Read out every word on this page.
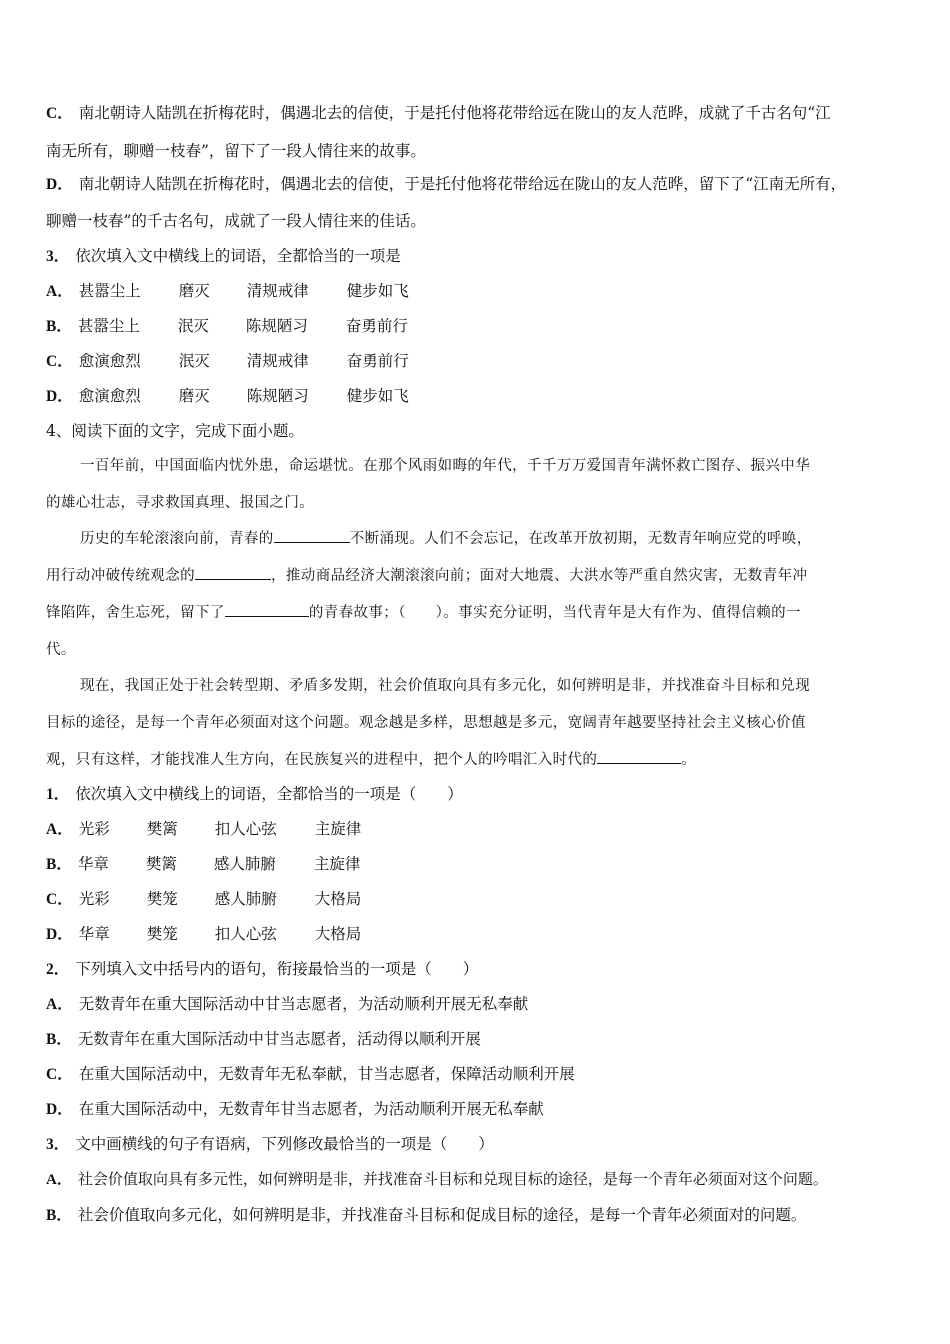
C． 南北朝诗人陆凯在折梅花时，偶遇北去的信使，于是托付他将花带给远在陇山的友人范晔，成就了千古名句“江
南无所有，聊赠一枝春”，留下了一段人情往来的故事。
D． 南北朝诗人陆凯在折梅花时，偶遇北去的信使，于是托付他将花带给远在陇山的友人范晔，留下了“江南无所有，
聊赠一枝春”的千古名句，成就了一段人情往来的佳话。
3． 依次填入文中横线上的词语，全都恰当的一项是
A． 甚嚣尘上 磨灭 清规戒律 健步如飞
B． 甚嚣尘上 泯灭 陈规陋习 奋勇前行
C． 愈演愈烈 泯灭 清规戒律 奋勇前行
D． 愈演愈烈 磨灭 陈规陋习 健步如飞
4、阅读下面的文字，完成下面小题。
一百年前，中国面临内忧外患，命运堪忧。在那个风雨如晦的年代，千千万万爱国青年满怀救亡图存、振兴中华
的雄心壮志，寻求救国真理、报国之门。
历史的车轮滚滚向前，青春的	不断涌现。人们不会忘记，在改革开放初期，无数青年响应党的呼唤，
用行动冲破传统观念的	，推动商品经济大潮滚滚向前；面对大地震、大洪水等严重自然灾害，无数青年冲
锋陷阵，舍生忘死，留下了	的青春故事；（　　）。事实充分证明，当代青年是大有作为、值得信赖的一
代。
现在，我国正处于社会转型期、矛盾多发期，社会价值取向具有多元化，如何辨明是非，并找准奋斗目标和兑现
目标的途径，是每一个青年必须面对这个问题。观念越是多样，思想越是多元，宽阔青年越要坚持社会主义核心价值
观，只有这样，才能找准人生方向，在民族复兴的进程中，把个人的吟唱汇入时代的	。
1． 依次填入文中横线上的词语，全都恰当的一项是（　　）
A． 光彩 樊篱 扣人心弦 主旋律
B． 华章 樊篱 感人肺腑 主旋律
C． 光彩 樊笼 感人肺腑 大格局
D． 华章 樊笼 扣人心弦 大格局
2． 下列填入文中括号内的语句，衔接最恰当的一项是（　　）
A． 无数青年在重大国际活动中甘当志愿者，为活动顺利开展无私奉献
B． 无数青年在重大国际活动中甘当志愿者，活动得以顺利开展
C． 在重大国际活动中，无数青年无私奉献，甘当志愿者，保障活动顺利开展
D． 在重大国际活动中，无数青年甘当志愿者，为活动顺利开展无私奉献
3． 文中画横线的句子有语病，下列修改最恰当的一项是（　　）
A． 社会价值取向具有多元性，如何辨明是非，并找准奋斗目标和兑现目标的途径，是每一个青年必须面对这个问题。
B． 社会价值取向多元化，如何辨明是非，并找准奋斗目标和促成目标的途径，是每一个青年必须面对的问题。
